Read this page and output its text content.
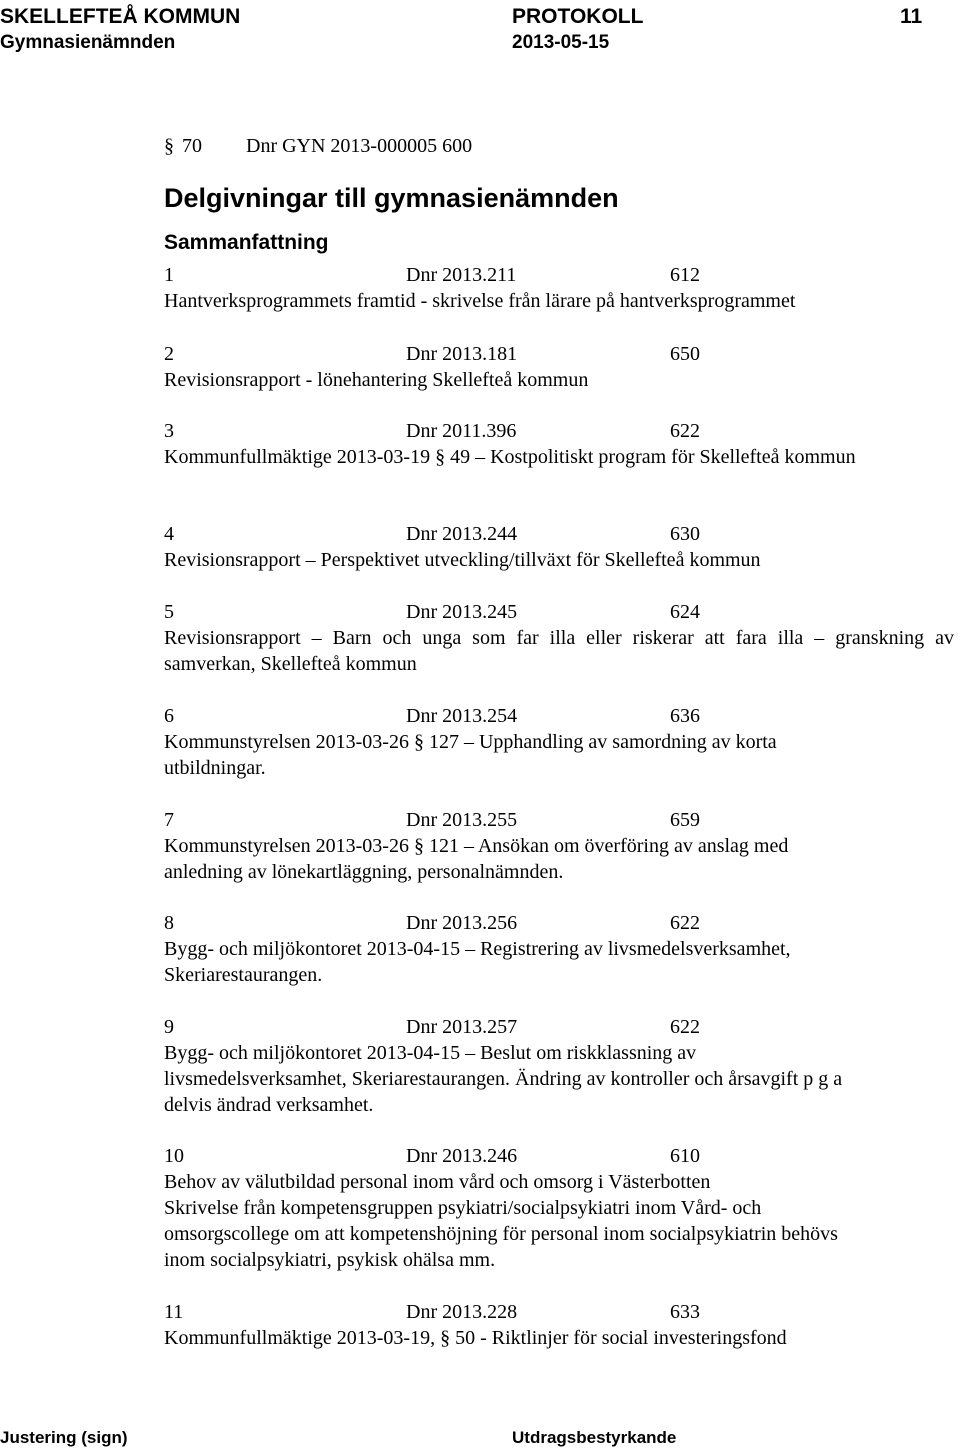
SKELLEFTEÅ KOMMUN	PROTOKOLL	11
Gymnasienämnden	2013-05-15
§ 70 Dnr GYN 2013-000005 600
Delgivningar till gymnasienämnden
Sammanfattning
1	Dnr 2013.211	612
Hantverksprogrammets framtid - skrivelse från lärare på hantverksprogrammet
2	Dnr 2013.181	650
Revisionsrapport - lönehantering Skellefteå kommun
3	Dnr 2011.396	622
Kommunfullmäktige 2013-03-19 § 49 – Kostpolitiskt program för Skellefteå kommun
4	Dnr 2013.244	630
Revisionsrapport – Perspektivet utveckling/tillväxt för Skellefteå kommun
5	Dnr 2013.245	624
Revisionsrapport – Barn och unga som far illa eller riskerar att fara illa – granskning av
samverkan, Skellefteå kommun
6	Dnr 2013.254	636
Kommunstyrelsen 2013-03-26 § 127 – Upphandling av samordning av korta
utbildningar.
7	Dnr 2013.255	659
Kommunstyrelsen 2013-03-26 § 121 – Ansökan om överföring av anslag med
anledning av lönekartläggning, personalnämnden.
8	Dnr 2013.256	622
Bygg- och miljökontoret 2013-04-15 – Registrering av livsmedelsverksamhet,
Skeriarestaurangen.
9	Dnr 2013.257	622
Bygg- och miljökontoret 2013-04-15 – Beslut om riskklassning av
livsmedelsverksamhet, Skeriarestaurangen. Ändring av kontroller och årsavgift p g a
delvis ändrad verksamhet.
10	Dnr 2013.246	610
Behov av välutbildad personal inom vård och omsorg i Västerbotten
Skrivelse från kompetensgruppen psykiatri/socialpsykiatri inom Vård- och
omsorgscollege om att kompetenshöjning för personal inom socialpsykiatrin behövs
inom socialpsykiatri, psykisk ohälsa mm.
11	Dnr 2013.228	633
Kommunfullmäktige 2013-03-19, § 50 - Riktlinjer för social investeringsfond
Justering (sign)	Utdragsbestyrkande
